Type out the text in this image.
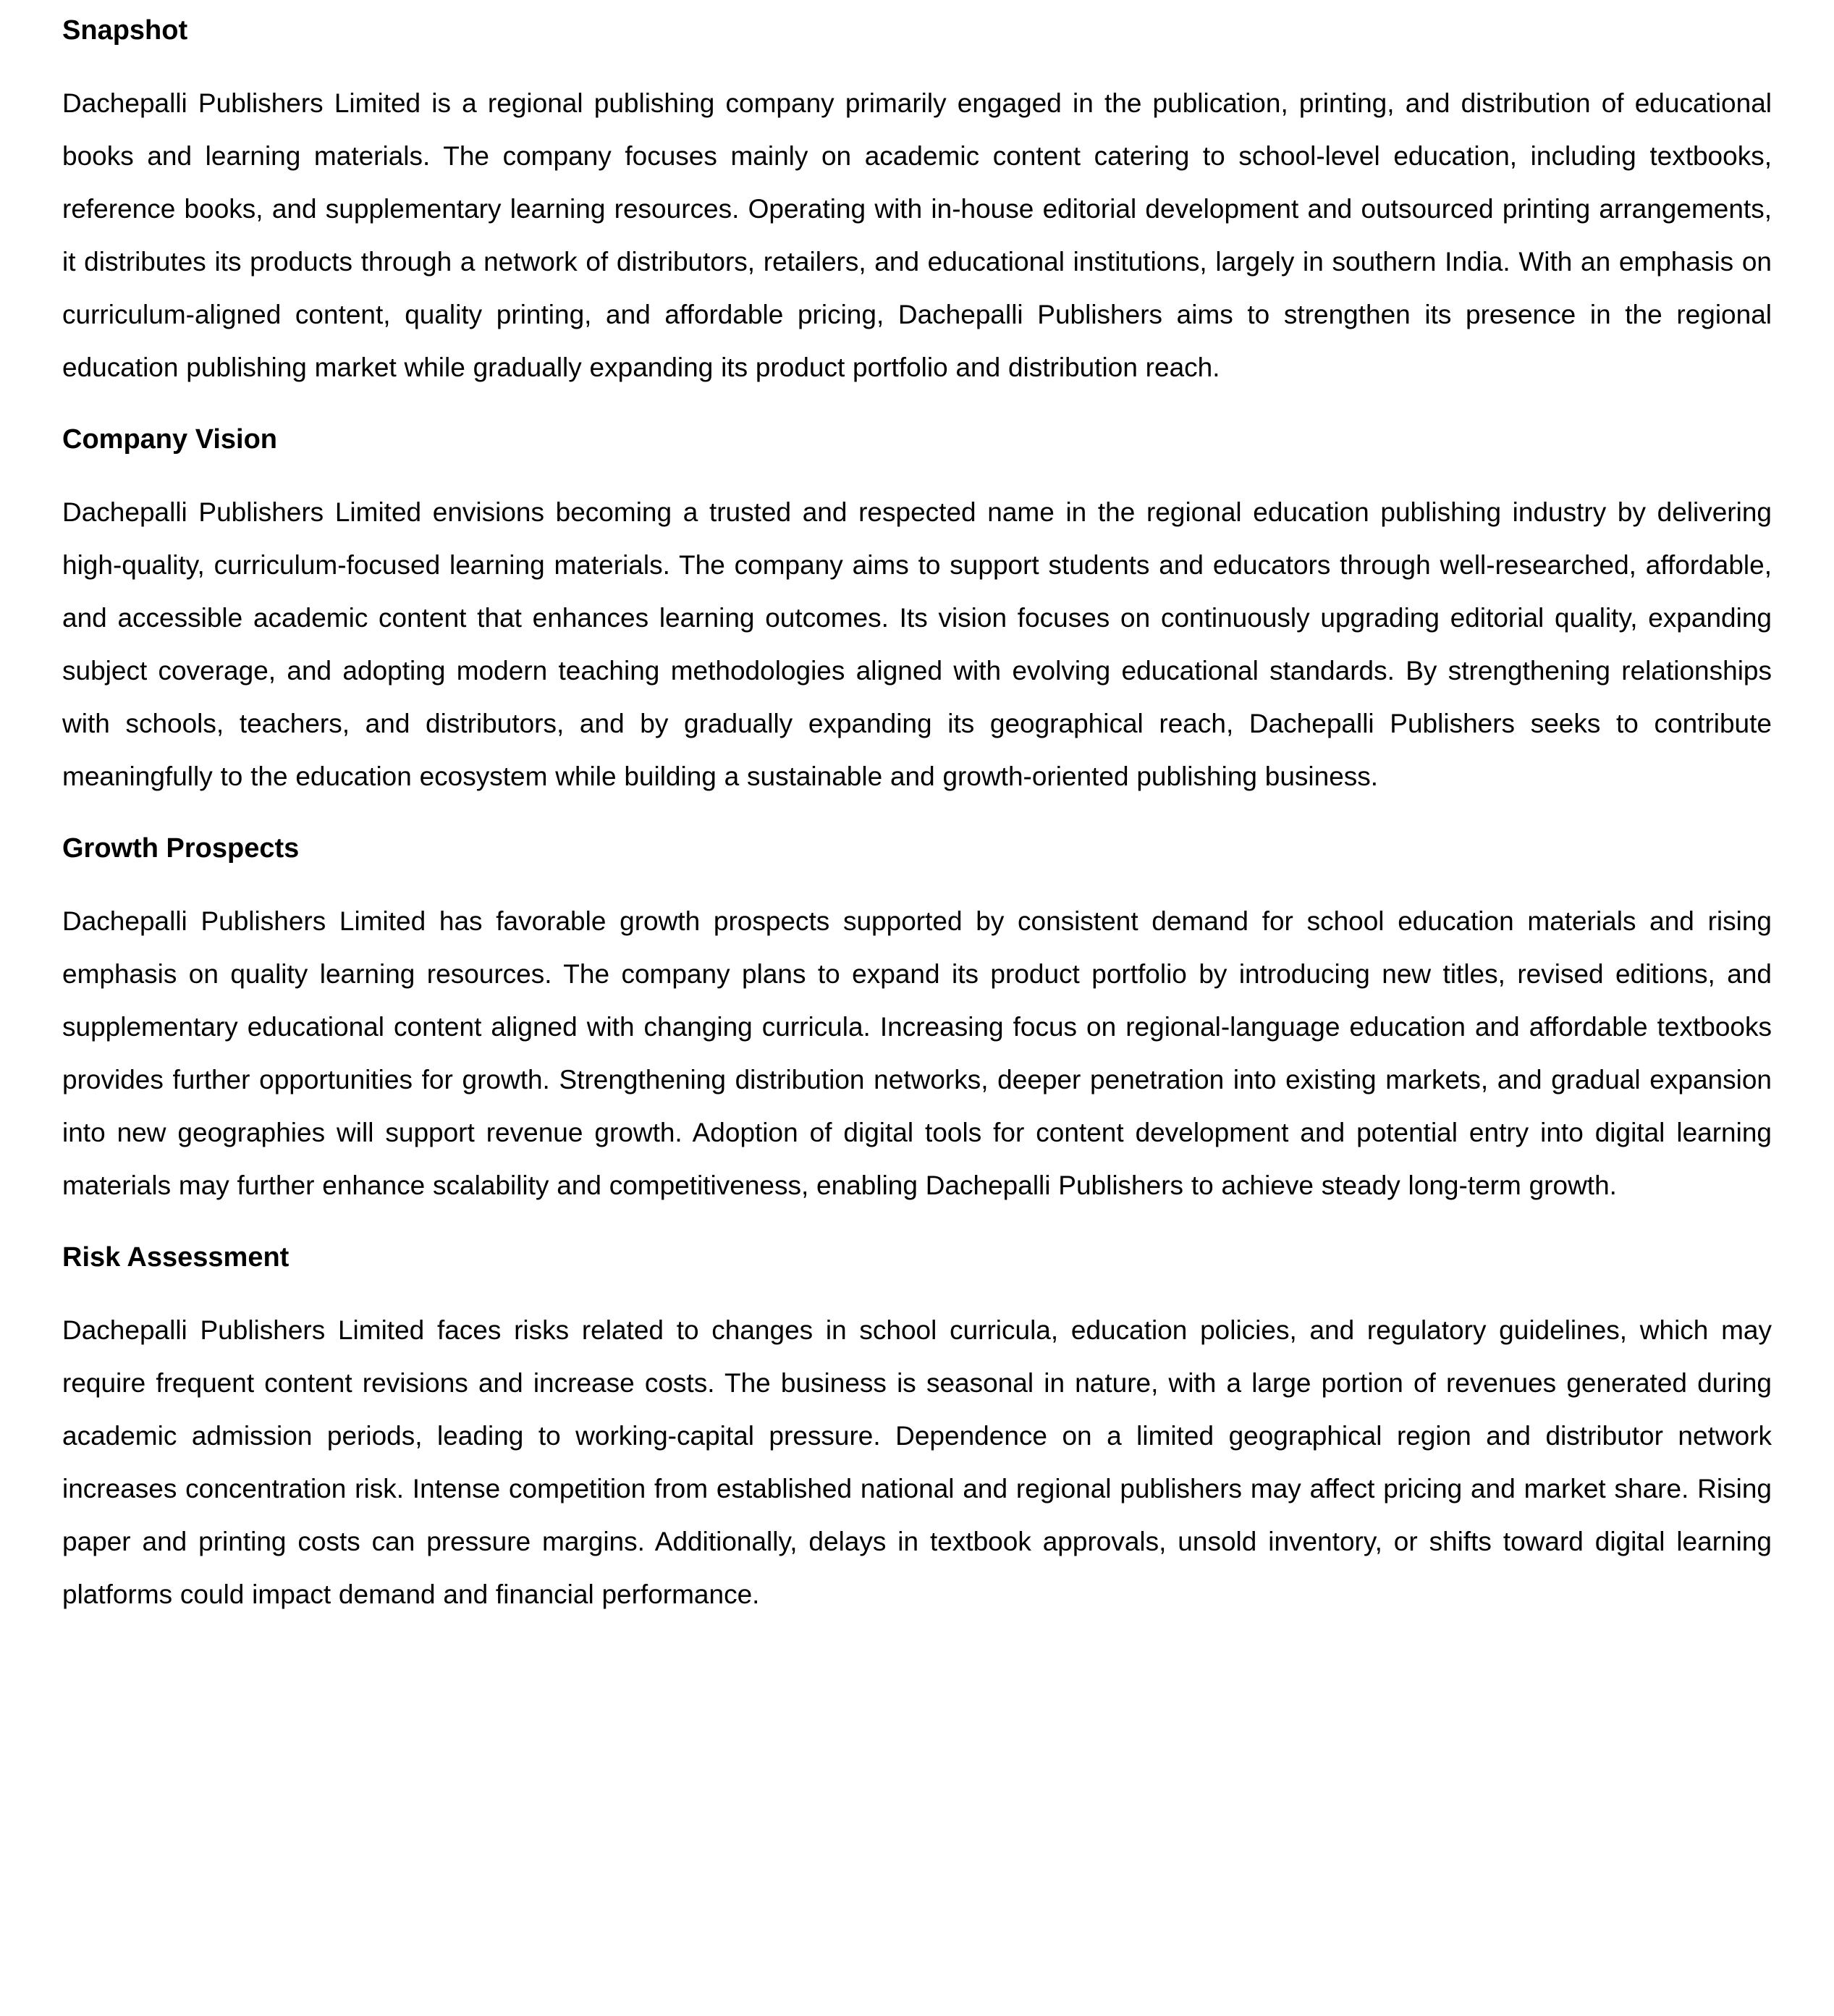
Snapshot

Dachepalli Publishers Limited is a regional publishing company primarily engaged in the publication, printing, and distribution of educational books and learning materials. The company focuses mainly on academic content catering to school-level education, including textbooks, reference books, and supplementary learning resources. Operating with in-house editorial development and outsourced printing arrangements, it distributes its products through a network of distributors, retailers, and educational institutions, largely in southern India. With an emphasis on curriculum-aligned content, quality printing, and affordable pricing, Dachepalli Publishers aims to strengthen its presence in the regional education publishing market while gradually expanding its product portfolio and distribution reach.

Company Vision

Dachepalli Publishers Limited envisions becoming a trusted and respected name in the regional education publishing industry by delivering high-quality, curriculum-focused learning materials. The company aims to support students and educators through well-researched, affordable, and accessible academic content that enhances learning outcomes. Its vision focuses on continuously upgrading editorial quality, expanding subject coverage, and adopting modern teaching methodologies aligned with evolving educational standards. By strengthening relationships with schools, teachers, and distributors, and by gradually expanding its geographical reach, Dachepalli Publishers seeks to contribute meaningfully to the education ecosystem while building a sustainable and growth-oriented publishing business.

Growth Prospects

Dachepalli Publishers Limited has favorable growth prospects supported by consistent demand for school education materials and rising emphasis on quality learning resources. The company plans to expand its product portfolio by introducing new titles, revised editions, and supplementary educational content aligned with changing curricula. Increasing focus on regional-language education and affordable textbooks provides further opportunities for growth. Strengthening distribution networks, deeper penetration into existing markets, and gradual expansion into new geographies will support revenue growth. Adoption of digital tools for content development and potential entry into digital learning materials may further enhance scalability and competitiveness, enabling Dachepalli Publishers to achieve steady long-term growth.

Risk Assessment

Dachepalli Publishers Limited faces risks related to changes in school curricula, education policies, and regulatory guidelines, which may require frequent content revisions and increase costs. The business is seasonal in nature, with a large portion of revenues generated during academic admission periods, leading to working-capital pressure. Dependence on a limited geographical region and distributor network increases concentration risk. Intense competition from established national and regional publishers may affect pricing and market share. Rising paper and printing costs can pressure margins. Additionally, delays in textbook approvals, unsold inventory, or shifts toward digital learning platforms could impact demand and financial performance.
